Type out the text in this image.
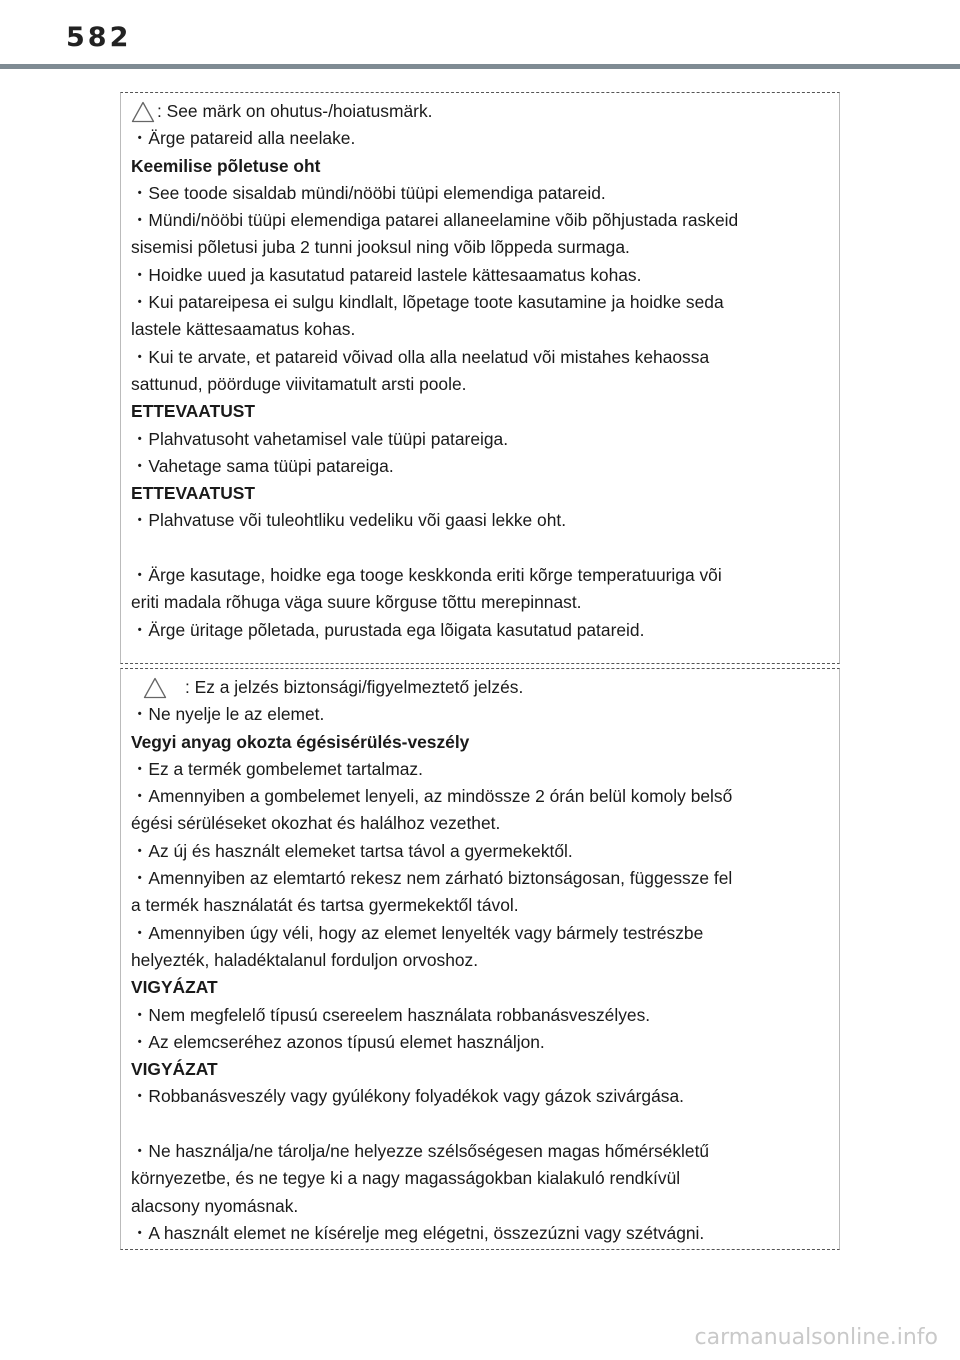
582
: See märk on ohutus-/hoiatusmärk.

・ Ärge patareid alla neelake.

Keemilise põletuse oht

・ See toode sisaldab mündi/nööbi tüüpi elemendiga patareid.

・ Mündi/nööbi tüüpi elemendiga patarei allaneelamine võib põhjustada raskeid

sisemisi põletusi juba 2 tunni jooksul ning võib lõppeda surmaga.

・ Hoidke uued ja kasutatud patareid lastele kättesaamatus kohas.

・ Kui patareipesa ei sulgu kindlalt, lõpetage toote kasutamine ja hoidke seda

lastele kättesaamatus kohas.

・ Kui te arvate, et patareid võivad olla alla neelatud või mistahes kehaossa

sattunud, pöörduge viivitamatult arsti poole.

ETTEVAATUST

・ Plahvatusoht vahetamisel vale tüüpi patareiga.

・ Vahetage sama tüüpi patareiga.

ETTEVAATUST

・ Plahvatuse või tuleohtliku vedeliku või gaasi lekke oht.

・ Ärge kasutage, hoidke ega tooge keskkonda eriti kõrge temperatuuriga või

eriti madala rõhuga väga suure kõrguse tõttu merepinnast.

・ Ärge üritage põletada, purustada ega lõigata kasutatud patareid.

: Ez a jelzés biztonsági/figyelmeztető jelzés.

・ Ne nyelje le az elemet.

Vegyi anyag okozta égésisérülés-veszély

・ Ez a termék gombelemet tartalmaz.

・ Amennyiben a gombelemet lenyeli, az mindössze 2 órán belül komoly belső

égési sérüléseket okozhat és halálhoz vezethet.

・ Az új és használt elemeket tartsa távol a gyermekektől.

・ Amennyiben az elemtartó rekesz nem zárható biztonságosan, függessze fel

a termék használatát és tartsa gyermekektől távol.

・ Amennyiben úgy véli, hogy az elemet lenyelték vagy bármely testrészbe

helyezték, haladéktalanul forduljon orvoshoz.

VIGYÁZAT

・ Nem megfelelő típusú csereelem használata robbanásveszélyes.

・ Az elemcseréhez azonos típusú elemet használjon.

VIGYÁZAT

・ Robbanásveszély vagy gyúlékony folyadékok vagy gázok szivárgása.

・ Ne használja/ne tárolja/ne helyezze szélsőségesen magas hőmérsékletű

környezetbe, és ne tegye ki a nagy magasságokban kialakuló rendkívül

alacsony nyomásnak.

・ A használt elemet ne kísérelje meg elégetni, összezúzni vagy szétvágni.

carmanualsonline.info
